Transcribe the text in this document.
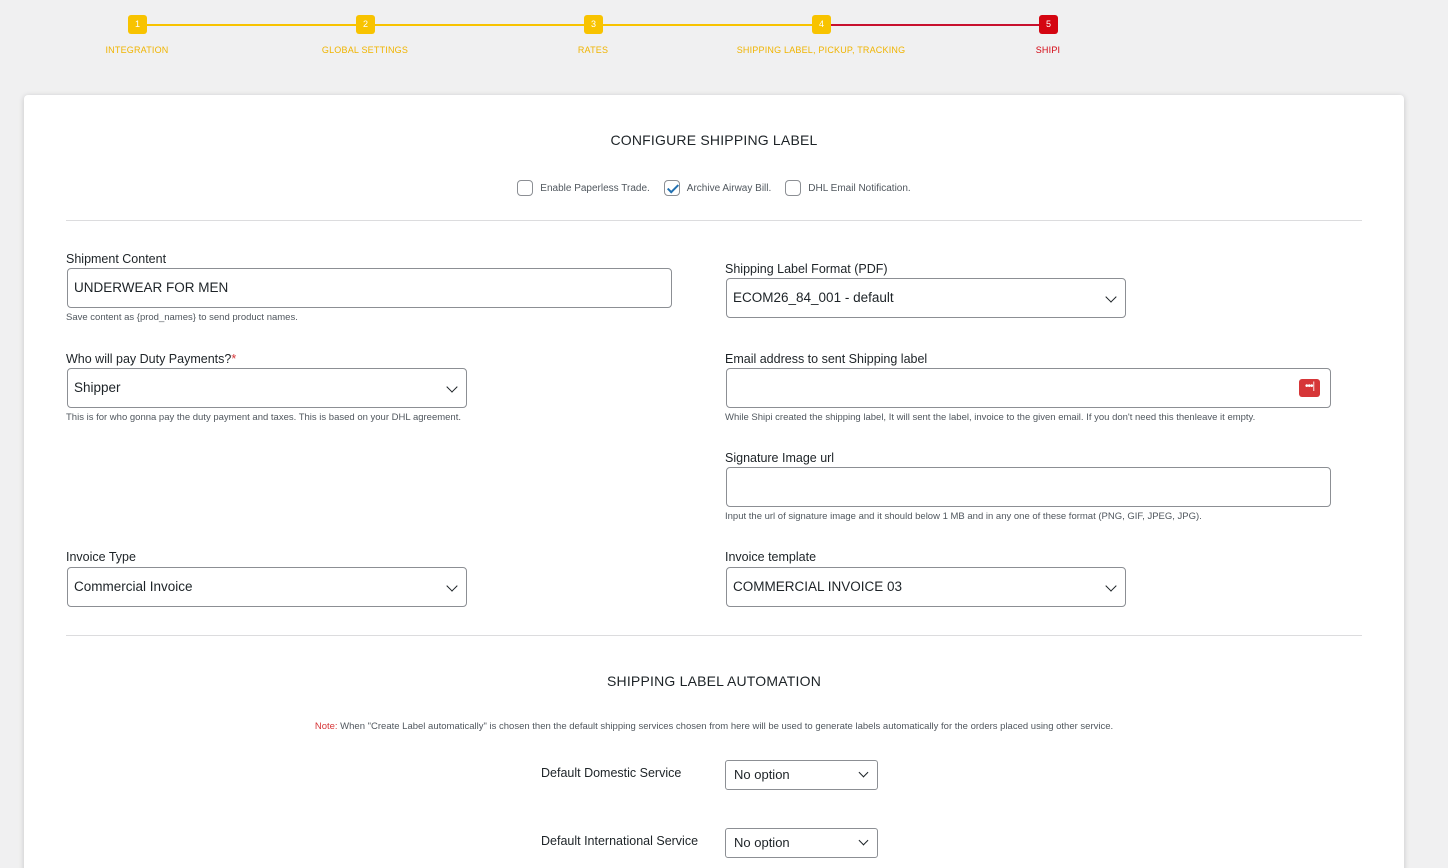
1
INTEGRATION
2
GLOBAL SETTINGS
3
RATES
4
SHIPPING LABEL, PICKUP, TRACKING
5
SHIPI
CONFIGURE SHIPPING LABEL
Enable Paperless Trade.	Archive Airway Bill.	DHL Email Notification.
Shipment Content
UNDERWEAR FOR MEN
Save content as {prod_names} to send product names.
Shipping Label Format (PDF)
ECOM26_84_001 - default
Who will pay Duty Payments?*
Shipper
This is for who gonna pay the duty payment and taxes. This is based on your DHL agreement.
Email address to sent Shipping label
•••|
While Shipi created the shipping label, It will sent the label, invoice to the given email. If you don't need this thenleave it empty.
Signature Image url
Input the url of signature image and it should below 1 MB and in any one of these format (PNG, GIF, JPEG, JPG).
Invoice Type
Commercial Invoice
Invoice template
COMMERCIAL INVOICE 03
SHIPPING LABEL AUTOMATION
Note: When "Create Label automatically" is chosen then the default shipping services chosen from here will be used to generate labels automatically for the orders placed using other service.
Default Domestic Service	No option
Default International Service	No option
